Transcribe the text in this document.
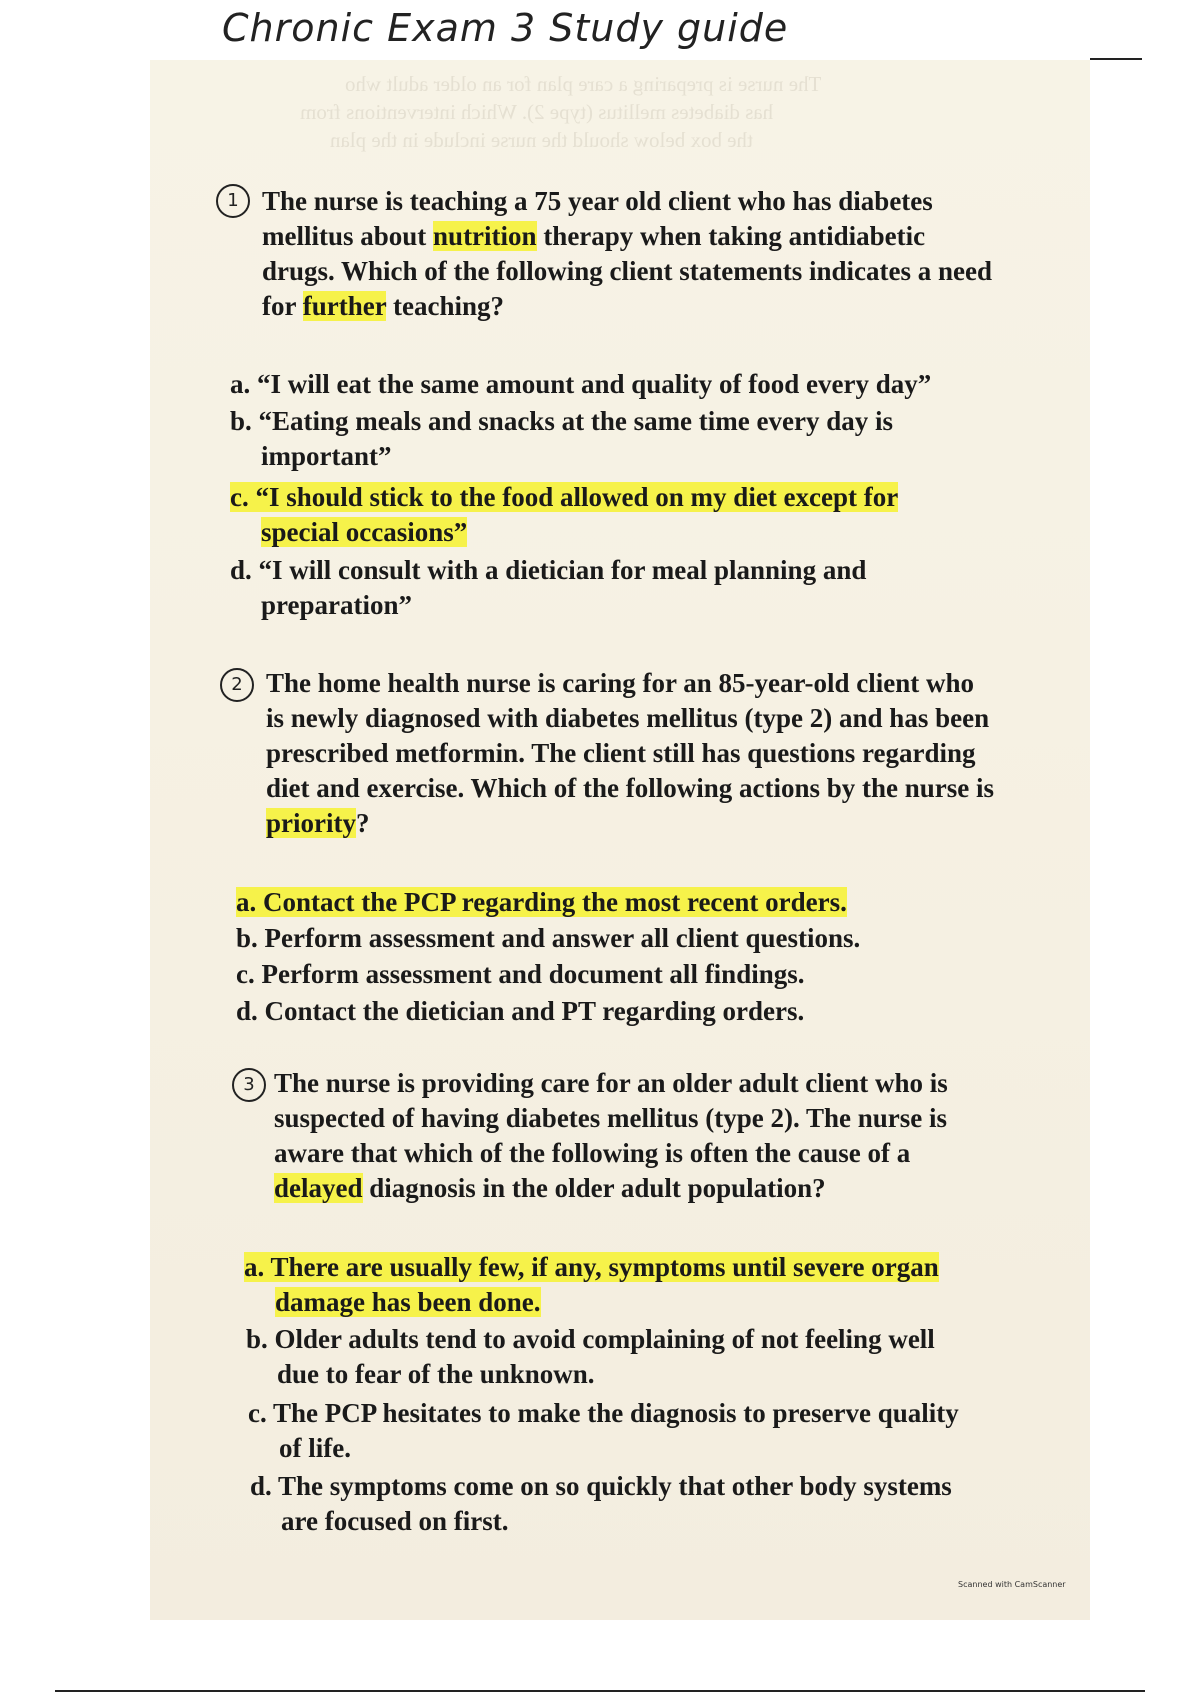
The nurse is preparing a care plan for an older adult who
has diabetes mellitus (type 2). Which interventions from
the box below should the nurse include in the plan
Chronic Exam 3 Study guide
1 The nurse is teaching a 75 year old client who has diabetes mellitus about nutrition therapy when taking antidiabetic drugs. Which of the following client statements indicates a need for further teaching?
a. “I will eat the same amount and quality of food every day”
b. “Eating meals and snacks at the same time every day is
important”
c. “I should stick to the food allowed on my diet except for
special occasions”
d. “I will consult with a dietician for meal planning and
preparation”
2 The home health nurse is caring for an 85-year-old client who is newly diagnosed with diabetes mellitus (type 2) and has been prescribed metformin. The client still has questions regarding diet and exercise. Which of the following actions by the nurse is priority?
a. Contact the PCP regarding the most recent orders.
b. Perform assessment and answer all client questions.
c. Perform assessment and document all findings.
d. Contact the dietician and PT regarding orders.
3 The nurse is providing care for an older adult client who is suspected of having diabetes mellitus (type 2). The nurse is aware that which of the following is often the cause of a delayed diagnosis in the older adult population?
a. There are usually few, if any, symptoms until severe organ
damage has been done.
b. Older adults tend to avoid complaining of not feeling well
due to fear of the unknown.
c. The PCP hesitates to make the diagnosis to preserve quality
of life.
d. The symptoms come on so quickly that other body systems
are focused on first.
Scanned with CamScanner
